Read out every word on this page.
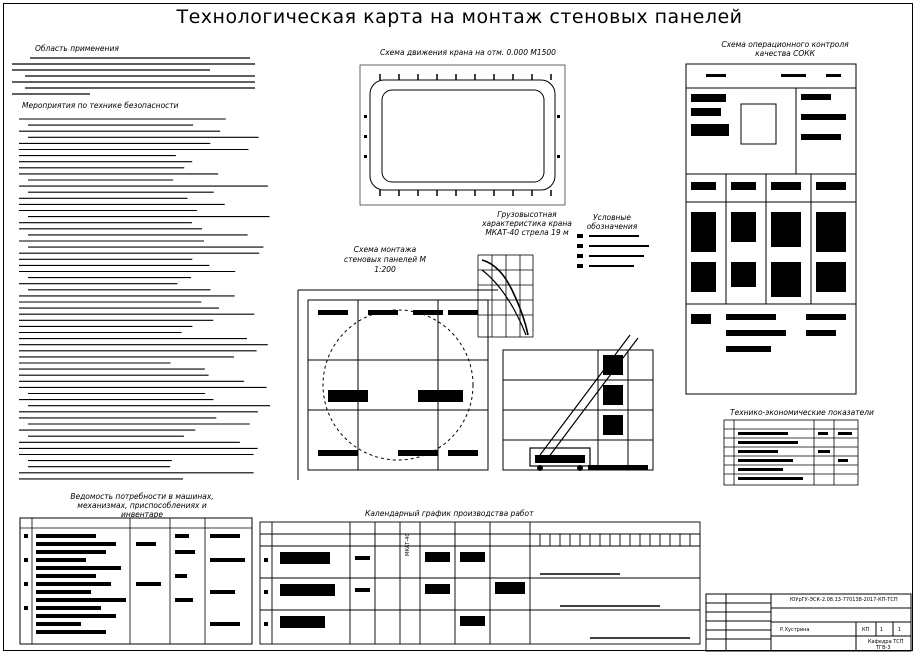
Технологическая карта на монтаж стеновых панелей
Область применения
Мероприятия по технике безопасности
Ведомость потребности в машинах, механизмах, приспособлениях и инвентаре
Схема движения крана на отм. 0.000 М1500
Схема монтажа стеновых панелей М 1:200
Грузовысотная характеристика крана МКАТ-40 стрела 19 м
Условные обозначения
Схема операционного контроля качества СОКК
Технико-экономические показатели
Календарный график производства работ
МКАТ-40
ЮУрГУ-ЭСК-2.08.13-770138-2017-КП-ТСП
Р.Хустрина	КП 1	1
Кафедра ТСП
ТГВ-3
